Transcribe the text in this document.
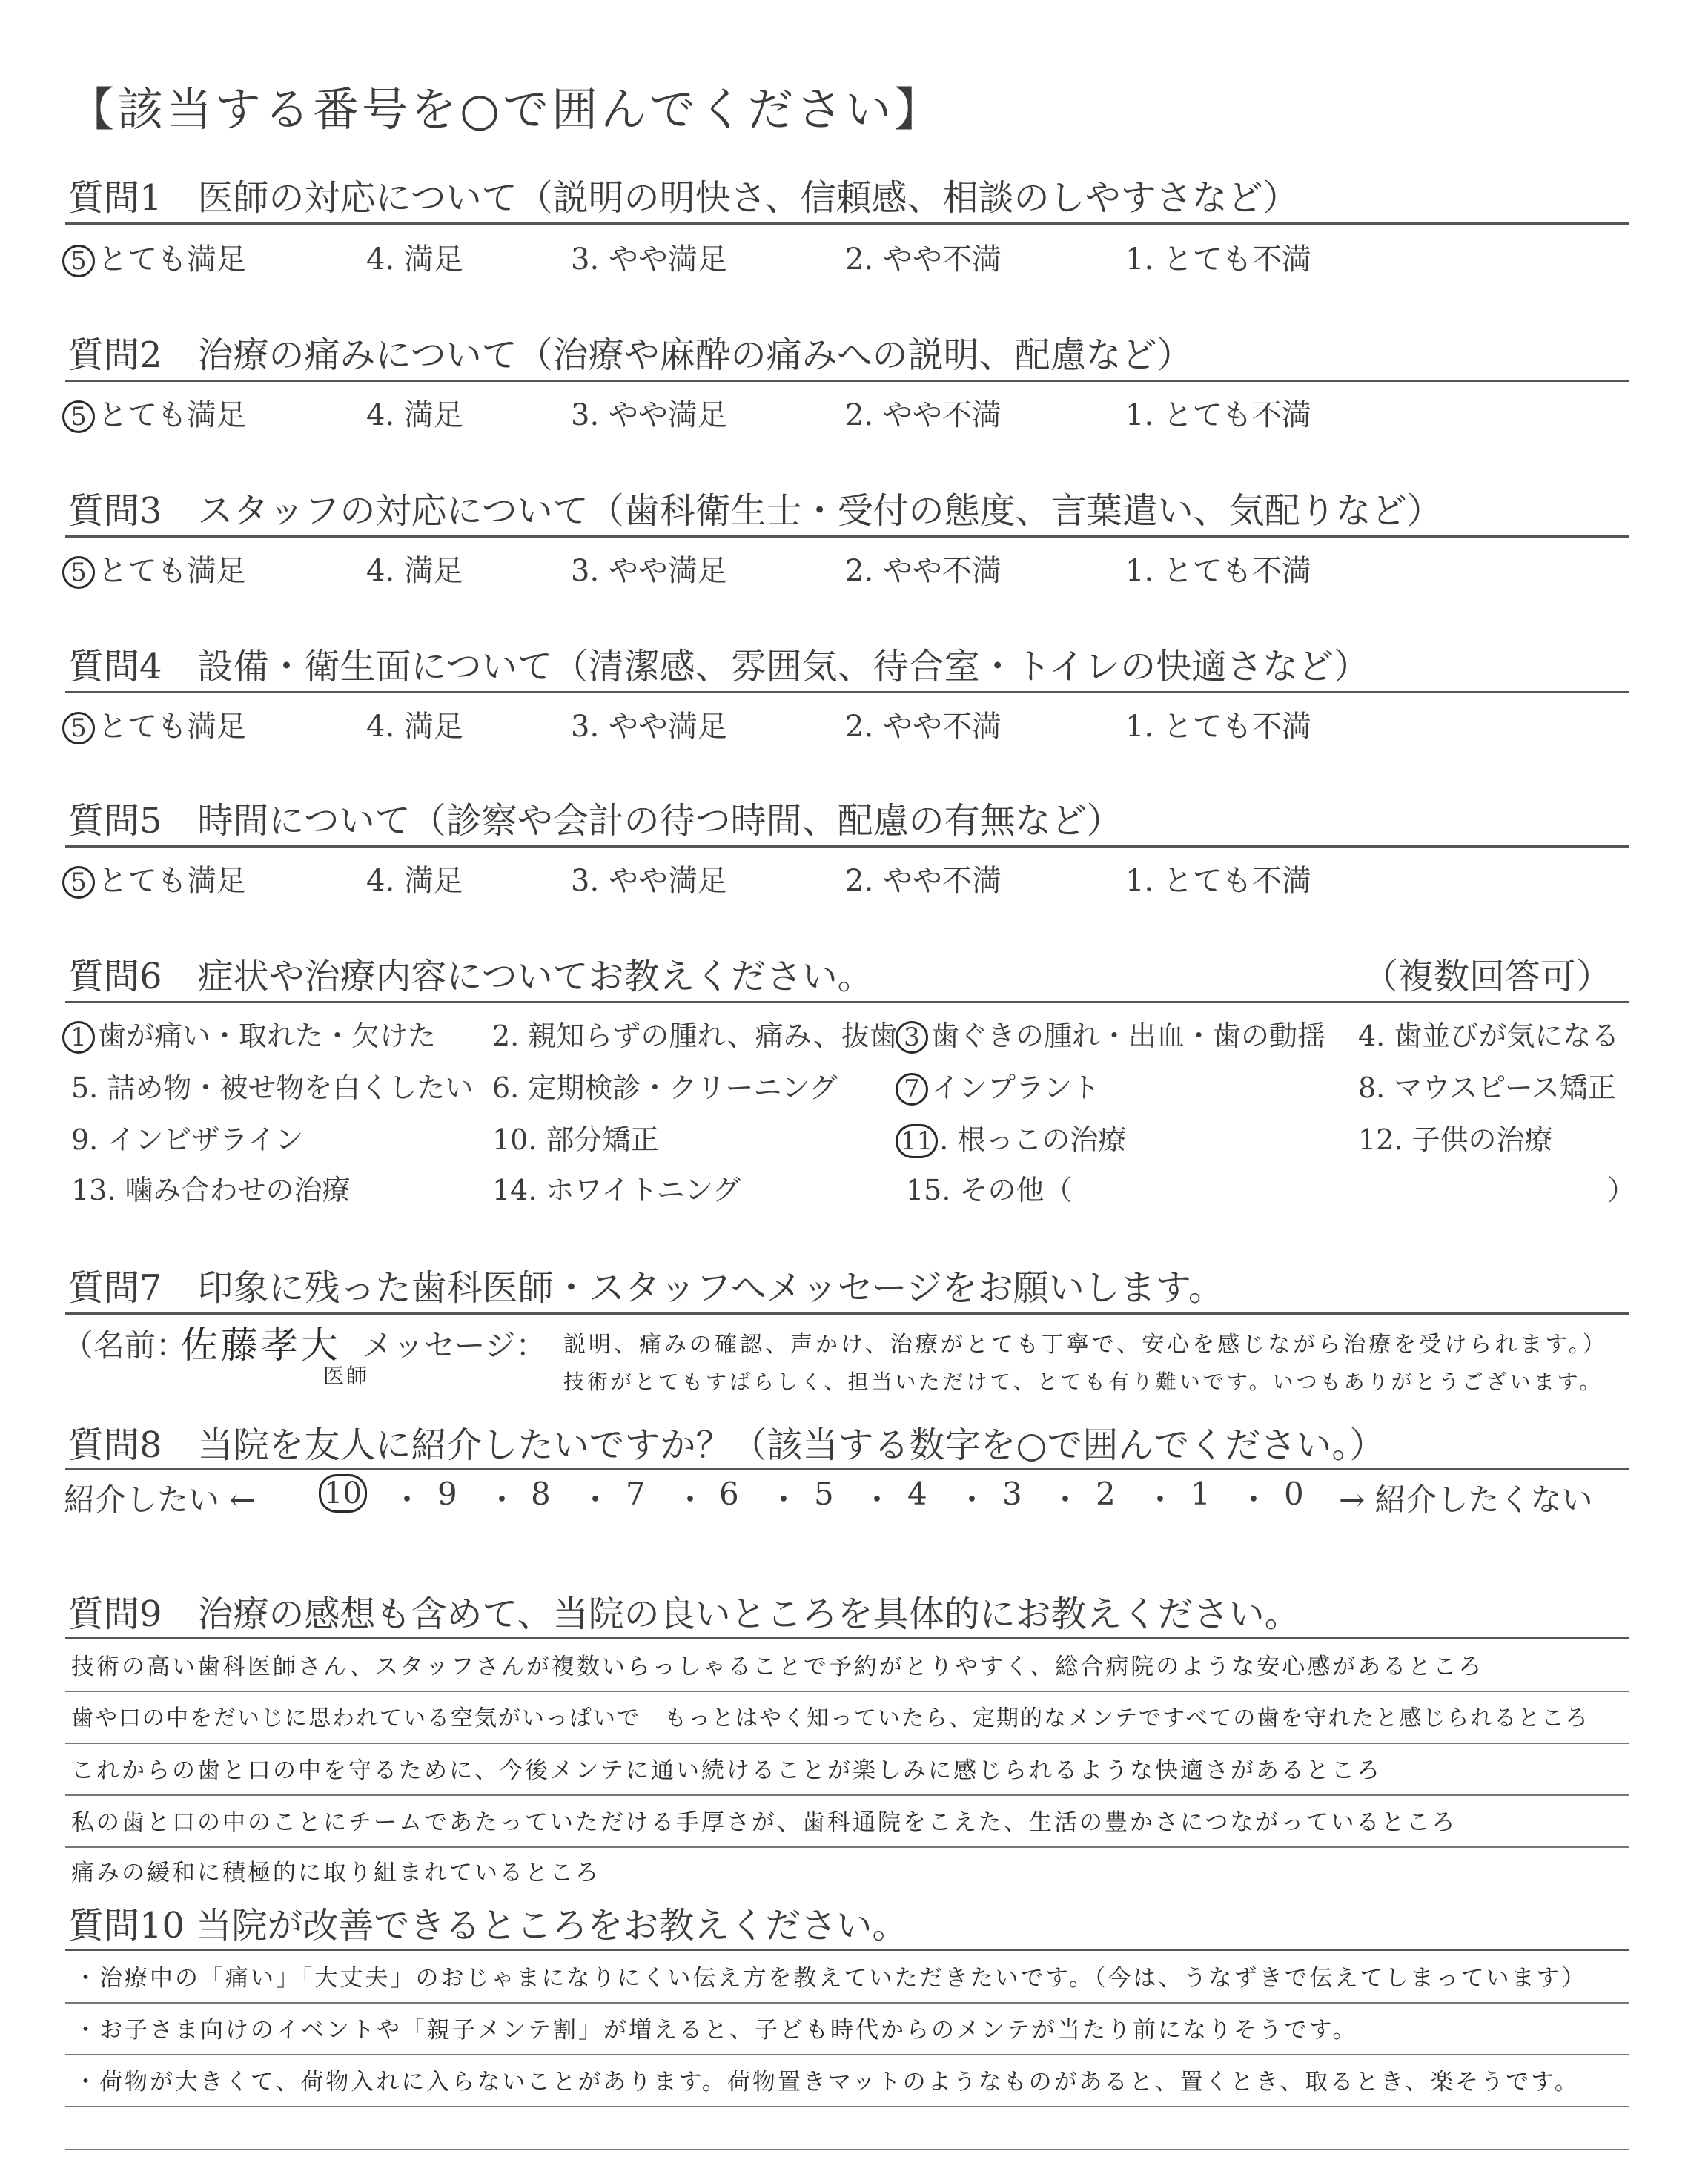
【該当する番号を○で囲んでください】
質問1　医師の対応について（説明の明快さ、信頼感、相談のしやすさなど）
5 とても満足	4. 満足	3. やや満足	2. やや不満	1. とても不満
質問2　治療の痛みについて（治療や麻酔の痛みへの説明、配慮など）
5 とても満足	4. 満足	3. やや満足	2. やや不満	1. とても不満
質問3　スタッフの対応について（歯科衛生士・受付の態度、言葉遣い、気配りなど）
5 とても満足	4. 満足	3. やや満足	2. やや不満	1. とても不満
質問4　設備・衛生面について（清潔感、雰囲気、待合室・トイレの快適さなど）
5 とても満足	4. 満足	3. やや満足	2. やや不満	1. とても不満
質問5　時間について（診察や会計の待つ時間、配慮の有無など）
5 とても満足	4. 満足	3. やや満足	2. やや不満	1. とても不満
質問6　症状や治療内容についてお教えください。	（複数回答可）
1 歯が痛い・取れた・欠けた 2. 親知らずの腫れ、痛み、抜歯 3 歯ぐきの腫れ・出血・歯の動揺 4. 歯並びが気になる
5. 詰め物・被せ物を白くしたい 6. 定期検診・クリーニング	7 インプラント	8. マウスピース矯正
9. インビザライン	10. 部分矯正	11 . 根っこの治療	12. 子供の治療
13. 噛み合わせの治療	14. ホワイトニング	15. その他（	）
質問7　印象に残った歯科医師・スタッフへメッセージをお願いします。
（名前：
佐藤孝大
医師
メッセージ： 説明、痛みの確認、声かけ、治療がとても丁寧で、安心を感じながら治療を受けられます。）
技術がとてもすばらしく、担当いただけて、とても有り難いです。いつもありがとうございます。
質問8　当院を友人に紹介したいですか？（該当する数字を○で囲んでください。）
紹介したい ← 10 ・ 9 ・ 8 ・ 7 ・ 6 ・ 5 ・ 4 ・ 3 ・ 2 ・ 1 ・ 0 → 紹介したくない
質問9　治療の感想も含めて、当院の良いところを具体的にお教えください。
技術の高い歯科医師さん、スタッフさんが複数いらっしゃることで予約がとりやすく、総合病院のような安心感があるところ
歯や口の中をだいじに思われている空気がいっぱいで　もっとはやく知っていたら、定期的なメンテですべての歯を守れたと感じられるところ
これからの歯と口の中を守るために、今後メンテに通い続けることが楽しみに感じられるような快適さがあるところ
私の歯と口の中のことにチームであたっていただける手厚さが、歯科通院をこえた、生活の豊かさにつながっているところ
痛みの緩和に積極的に取り組まれているところ
質問10 当院が改善できるところをお教えください。
・治療中の「痛い」「大丈夫」のおじゃまになりにくい伝え方を教えていただきたいです。（今は、うなずきで伝えてしまっています）
・お子さま向けのイベントや「親子メンテ割」が増えると、子ども時代からのメンテが当たり前になりそうです。
・荷物が大きくて、荷物入れに入らないことがあります。荷物置きマットのようなものがあると、置くとき、取るとき、楽そうです。
